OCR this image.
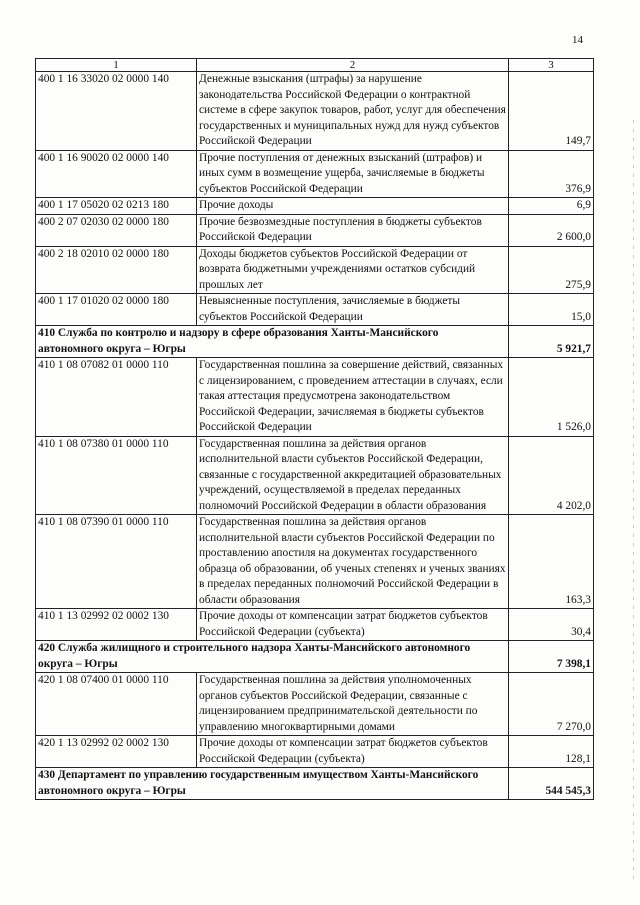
14
1	2	3
400 1 16 33020 02 0000 140	Денежные взыскания (штрафы) за нарушение законодательства Российской Федерации о контрактной системе в сфере закупок товаров, работ, услуг для обеспечения государственных и муниципальных нужд для нужд субъектов Российской Федерации	149,7
400 1 16 90020 02 0000 140	Прочие поступления от денежных взысканий (штрафов) и иных сумм в возмещение ущерба, зачисляемые в бюджеты субъектов Российской Федерации	376,9
400 1 17 05020 02 0213 180	Прочие доходы	6,9
400 2 07 02030 02 0000 180	Прочие безвозмездные поступления в бюджеты субъектов Российской Федерации	2 600,0
400 2 18 02010 02 0000 180	Доходы бюджетов субъектов Российской Федерации от возврата бюджетными учреждениями остатков субсидий прошлых лет	275,9
400 1 17 01020 02 0000 180	Невыясненные поступления, зачисляемые в бюджеты субъектов Российской Федерации	15,0
410 Служба по контролю и надзору в сфере образования Ханты-Мансийского автономного округа – Югры		5 921,7
410 1 08 07082 01 0000 110	Государственная пошлина за совершение действий, связанных с лицензированием, с проведением аттестации в случаях, если такая аттестация предусмотрена законодательством Российской Федерации, зачисляемая в бюджеты субъектов Российской Федерации	1 526,0
410 1 08 07380 01 0000 110	Государственная пошлина за действия органов исполнительной власти субъектов Российской Федерации, связанные с государственной аккредитацией образовательных учреждений, осуществляемой в пределах переданных полномочий Российской Федерации в области образования	4 202,0
410 1 08 07390 01 0000 110	Государственная пошлина за действия органов исполнительной власти субъектов Российской Федерации по проставлению апостиля на документах государственного образца об образовании, об ученых степенях и ученых званиях в пределах переданных полномочий Российской Федерации в области образования	163,3
410 1 13 02992 02 0002 130	Прочие доходы от компенсации затрат бюджетов субъектов Российской Федерации (субъекта)	30,4
420 Служба жилищного и строительного надзора Ханты-Мансийского автономного округа – Югры		7 398,1
420 1 08 07400 01 0000 110	Государственная пошлина за действия уполномоченных органов субъектов Российской Федерации, связанные с лицензированием предпринимательской деятельности по управлению многоквартирными домами	7 270,0
420 1 13 02992 02 0002 130	Прочие доходы от компенсации затрат бюджетов субъектов Российской Федерации (субъекта)	128,1
430 Департамент по управлению государственным имуществом Ханты-Мансийского автономного округа – Югры		544 545,3
